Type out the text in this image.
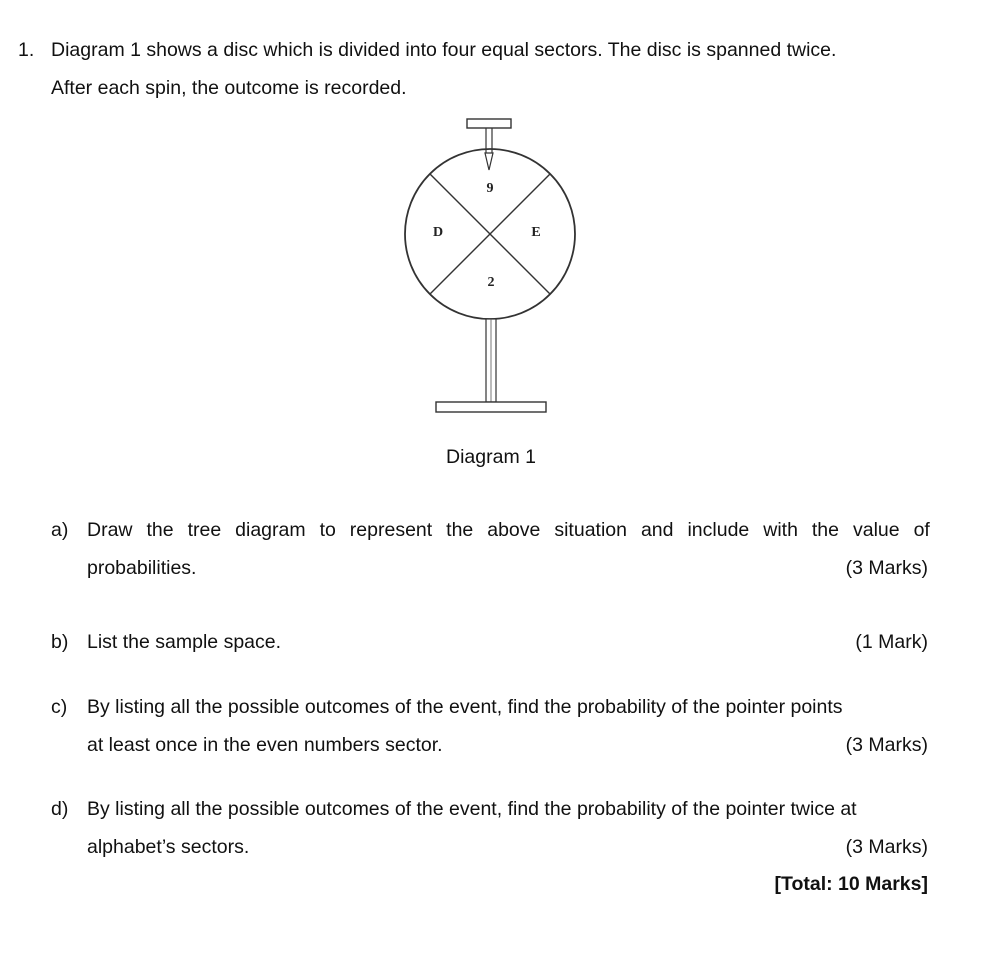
1. Diagram 1 shows a disc which is divided into four equal sectors. The disc is spanned twice.
After each spin, the outcome is recorded.
9
D	E
2
Diagram 1
a) Draw the tree diagram to represent the above situation and include with the value of
probabilities.	(3 Marks)
b) List the sample space.	(1 Mark)
c) By listing all the possible outcomes of the event, find the probability of the pointer points
at least once in the even numbers sector.	(3 Marks)
d) By listing all the possible outcomes of the event, find the probability of the pointer twice at
alphabet’s sectors.	(3 Marks)
[Total: 10 Marks]
